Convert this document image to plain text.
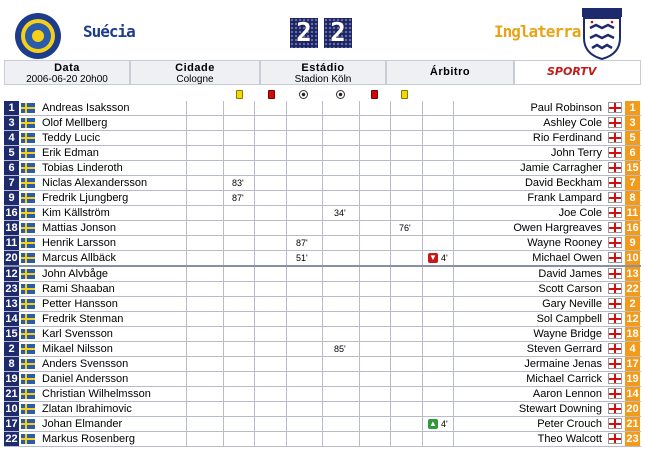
Suécia	2 2	Inglaterra
Data
2006-06-20 20h00
Cidade
Cologne
Estádio
Stadion Köln
Árbitro	SPORTV
1	Andreas Isaksson	Paul Robinson	1
3	Olof Mellberg	Ashley Cole	3
4	Teddy Lucic	Rio Ferdinand	5
5	Erik Edman	John Terry	6
6	Tobias Linderoth	Jamie Carragher 15
7	Niclas Alexandersson	83'	David Beckham	7
9	Fredrik Ljungberg	87'	Frank Lampard	8
16 Kim Källström	34'	Joe Cole 11
18 Mattias Jonson	76'	Owen Hargreaves 16
11 Henrik Larsson	87'	Wayne Rooney	9
20 Marcus Allbäck	51'	▼ 4'	Michael Owen 10
12 John Alvbåge	David James 13
23 Rami Shaaban	Scott Carson 22
13 Petter Hansson	Gary Neville	2
14 Fredrik Stenman	Sol Campbell 12
15 Karl Svensson	Wayne Bridge 18
2	Mikael Nilsson	85'	Steven Gerrard	4
8	Anders Svensson	Jermaine Jenas 17
19 Daniel Andersson	Michael Carrick 19
21 Christian Wilhelmsson	Aaron Lennon 14
10 Zlatan Ibrahimovic	Stewart Downing 20
17 Johan Elmander	▲ 4'	Peter Crouch 21
22 Markus Rosenberg	Theo Walcott 23
